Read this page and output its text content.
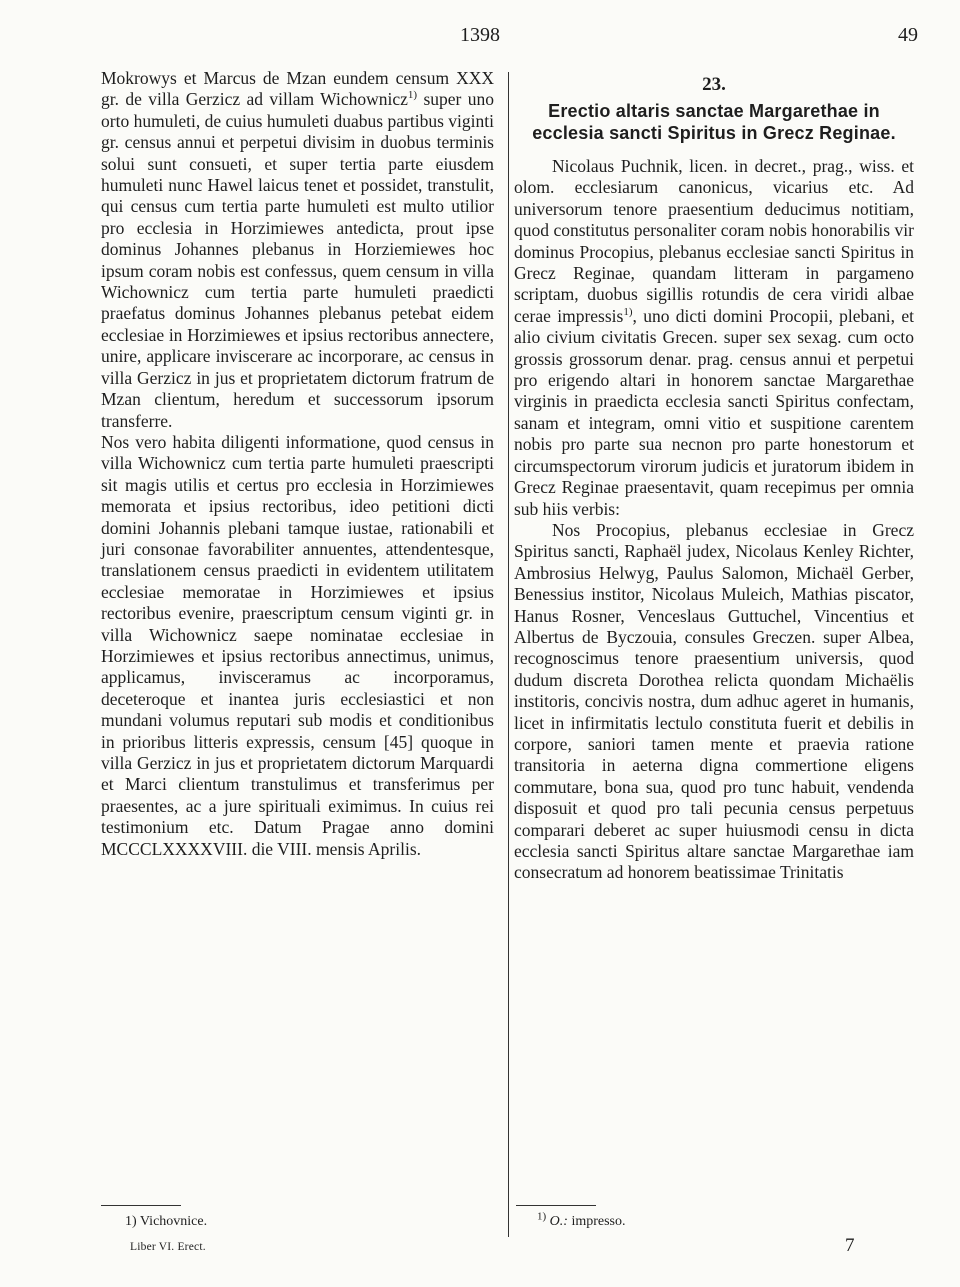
1398	49

Mokrowys et Marcus de Mzan eundem censum XXX gr. de villa Gerzicz ad villam Wichownicz$^{1)}$ super uno orto humuleti, de cuius humuleti duabus partibus viginti gr. census annui et perpetui divisim in duobus terminis solui sunt consueti, et super tertia parte eiusdem humuleti nunc Hawel laicus tenet et possidet, transtulit, qui census cum tertia parte humuleti est multo utilior pro ecclesia in Horzimiewes antedicta, prout ipse dominus Johannes plebanus in Horziemiewes hoc ipsum coram nobis est confessus, quem censum in villa Wichownicz cum tertia parte humuleti praedicti praefatus dominus Johannes plebanus petebat eidem ecclesiae in Horzimiewes et ipsius rectoribus annectere, unire, applicare inviscerare ac incorporare, ac census in villa Gerzicz in jus et proprietatem dictorum fratrum de Mzan clientum, heredum et successorum ipsorum transferre.

Nos vero habita diligenti informatione, quod census in villa Wichownicz cum tertia parte humuleti praescripti sit magis utilis et certus pro ecclesia in Horzimiewes memorata et ipsius rectoribus, ideo petitioni dicti domini Johannis plebani tamque iustae, rationabili et juri consonae favorabiliter annuentes, attendentesque, translationem census praedicti in evidentem utilitatem ecclesiae memoratae in Horzimiewes et ipsius rectoribus evenire, praescriptum censum viginti gr. in villa Wichownicz saepe nominatae ecclesiae in Horzimiewes et ipsius rectoribus annectimus, unimus, applicamus, invisceramus ac incorporamus, deceteroque et inantea juris ecclesiastici et non mundani volumus reputari sub modis et conditionibus in prioribus litteris expressis, censum [45] quoque in villa Gerzicz in jus et proprietatem dictorum Marquardi et Marci clientum transtulimus et transferimus per praesentes, ac a jure spirituali eximimus. In cuius rei testimonium etc. Datum Pragae anno domini MCCCLXXXXVIII. die VIII. mensis Aprilis.

23.
Erectio altaris sanctae Margarethae in
ecclesia sancti Spiritus in Grecz Reginae.

Nicolaus Puchnik, licen. in decret., prag., wiss. et olom. ecclesiarum canonicus, vicarius etc. Ad universorum tenore praesentium deducimus notitiam, quod constitutus personaliter coram nobis honorabilis vir dominus Procopius, plebanus ecclesiae sancti Spiritus in Grecz Reginae, quandam litteram in pargameno scriptam, duobus sigillis rotundis de cera viridi albae cerae impressis$^{1)}$, uno dicti domini Procopii, plebani, et alio civium civitatis Grecen. super sex sexag. cum octo grossis grossorum denar. prag. census annui et perpetui pro erigendo altari in honorem sanctae Margarethae virginis in praedicta ecclesia sancti Spiritus confectam, sanam et integram, omni vitio et suspitione carentem nobis pro parte sua necnon pro parte honestorum et circumspectorum virorum judicis et juratorum ibidem in Grecz Reginae praesentavit, quam recepimus per omnia sub hiis verbis:

Nos Procopius, plebanus ecclesiae in Grecz Spiritus sancti, Raphaël judex, Nicolaus Kenley Richter, Ambrosius Helwyg, Paulus Salomon, Michaël Gerber, Benessius institor, Nicolaus Muleich, Mathias piscator, Hanus Rosner, Venceslaus Guttuchel, Vincentius et Albertus de Byczouia, consules Greczen. super Albea, recognoscimus tenore praesentium universis, quod dudum discreta Dorothea relicta quondam Michaëlis institoris, concivis nostra, dum adhuc ageret in humanis, licet in infirmitatis lectulo constituta fuerit et debilis in corpore, saniori tamen mente et praevia ratione transitoria in aeterna digna commertione eligens commutare, bona sua, quod pro tunc habuit, vendenda disposuit et quod pro tali pecunia census perpetuus comparari deberet ac super huiusmodi censu in dicta ecclesia sancti Spiritus altare sanctae Margarethae iam consecratum ad honorem beatissimae Trinitatis

1) Vichovnice.	$^{1)}$ O.: impresso.
Liber VI. Erect.	7
